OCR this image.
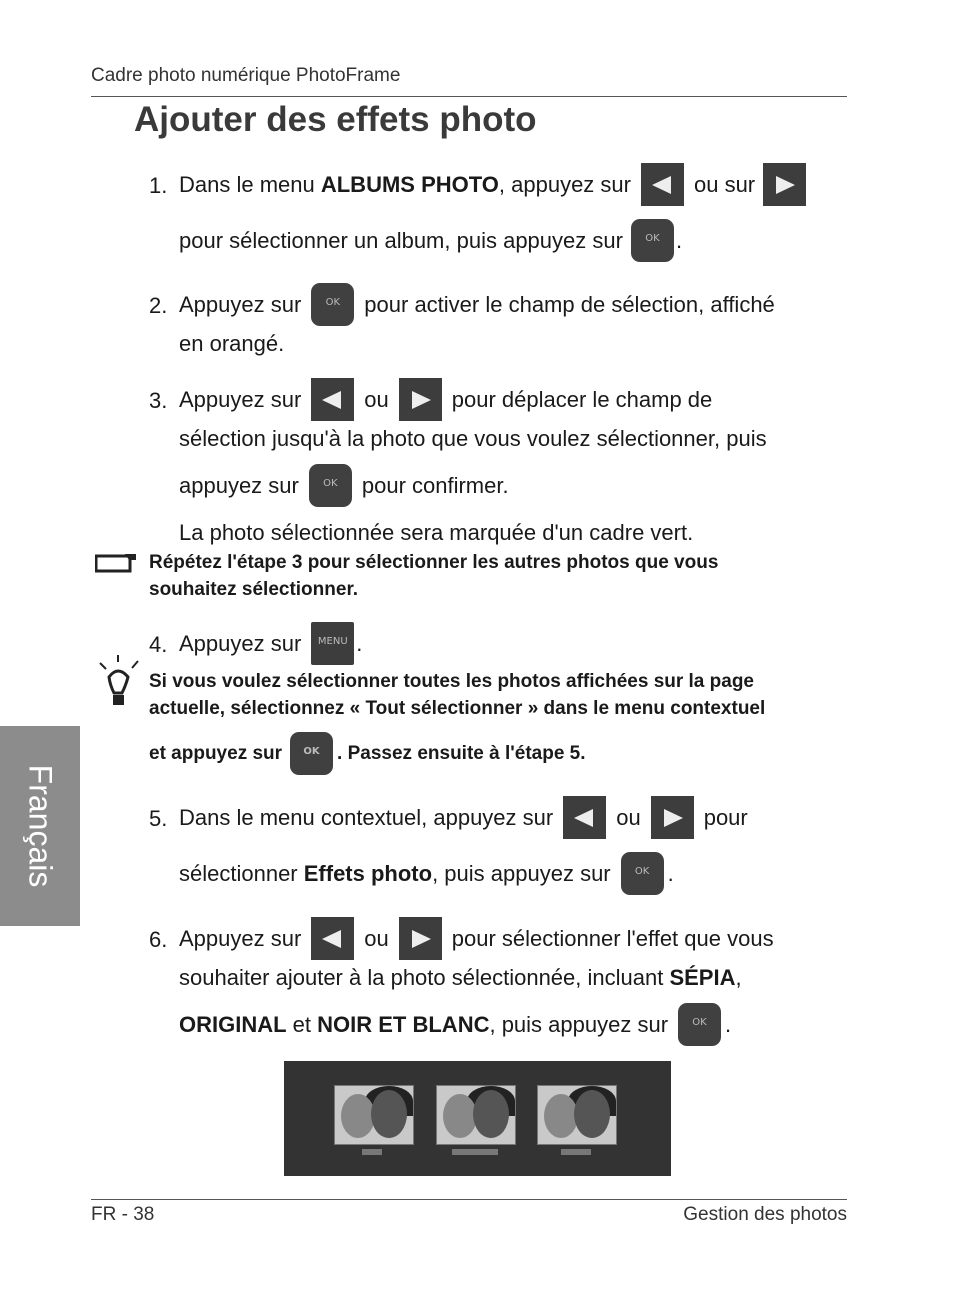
Cadre photo numérique PhotoFrame
Ajouter des effets photo
1. Dans le menu ALBUMS PHOTO , appuyez sur	ou sur
pour sélectionner un album, puis appuyez sur	OK .
2. Appuyez sur	OK	pour activer le champ de sélection, affiché
en orangé.
3. Appuyez sur	ou	pour déplacer le champ de
sélection jusqu'à la photo que vous voulez sélectionner, puis
appuyez sur	OK	pour confirmer.
La photo sélectionnée sera marquée d'un cadre vert.
Répétez l'étape 3 pour sélectionner les autres photos que vous
souhaitez sélectionner.
4. Appuyez sur	MENU .
Si vous voulez sélectionner toutes les photos affichées sur la page
actuelle, sélectionnez « Tout sélectionner » dans le menu contextuel
et appuyez sur	OK . Passez ensuite à l'étape 5.
Français	5. Dans le menu contextuel, appuyez sur	ou	pour
sélectionner Effets photo , puis appuyez sur	OK .
6. Appuyez sur	ou	pour sélectionner l'effet que vous
souhaiter ajouter à la photo sélectionnée, incluant SÉPIA ,
ORIGINAL et NOIR ET BLANC , puis appuyez sur	OK .
FR - 38	Gestion des photos
